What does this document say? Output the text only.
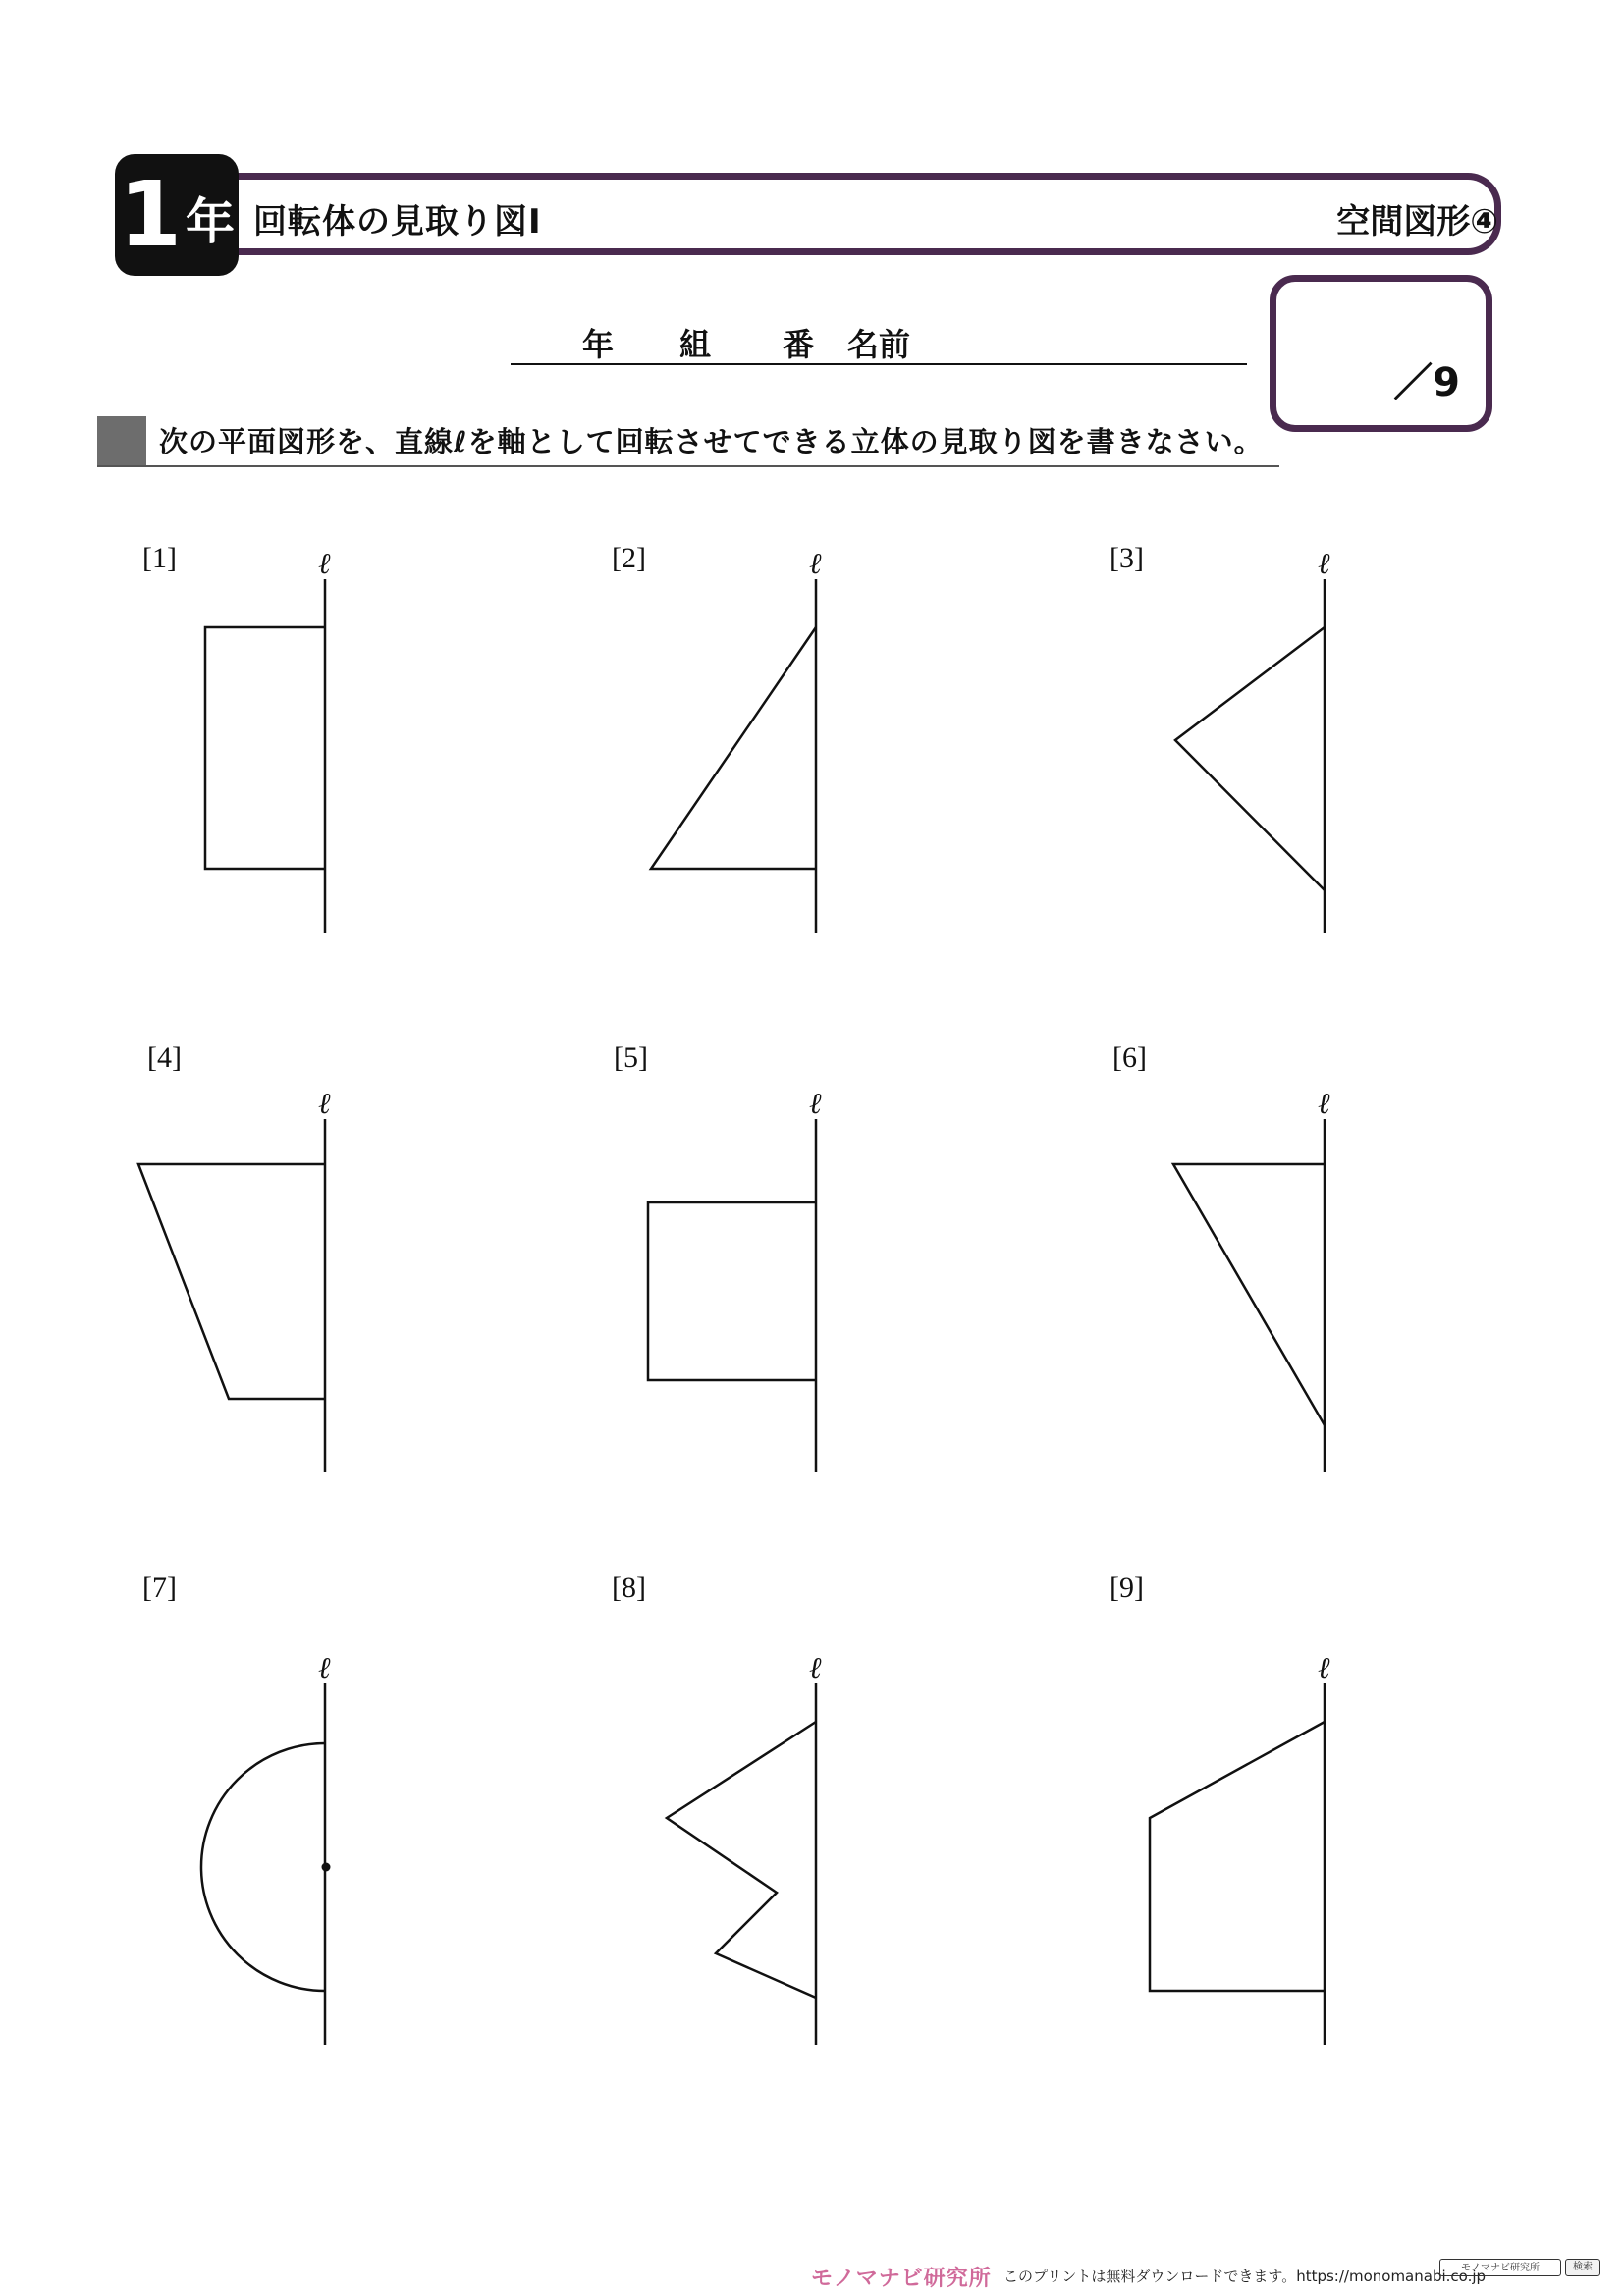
1 年 回転体の見取り図Ⅰ	空間図形④
年 組 番 名前
／9
次の平面図形を、直線ℓを軸として回転させてできる立体の見取り図を書きなさい。
[1]	ℓ	[2]	ℓ	[3]	ℓ
[4]
ℓ
[5]
ℓ
[6]
ℓ
[7]
ℓ
[8]
ℓ
[9]
ℓ
モノマナビ研究所 このプリントは無料ダウンロードできます。https://monomanabi.co.jp
モノマナビ研究所	検索
